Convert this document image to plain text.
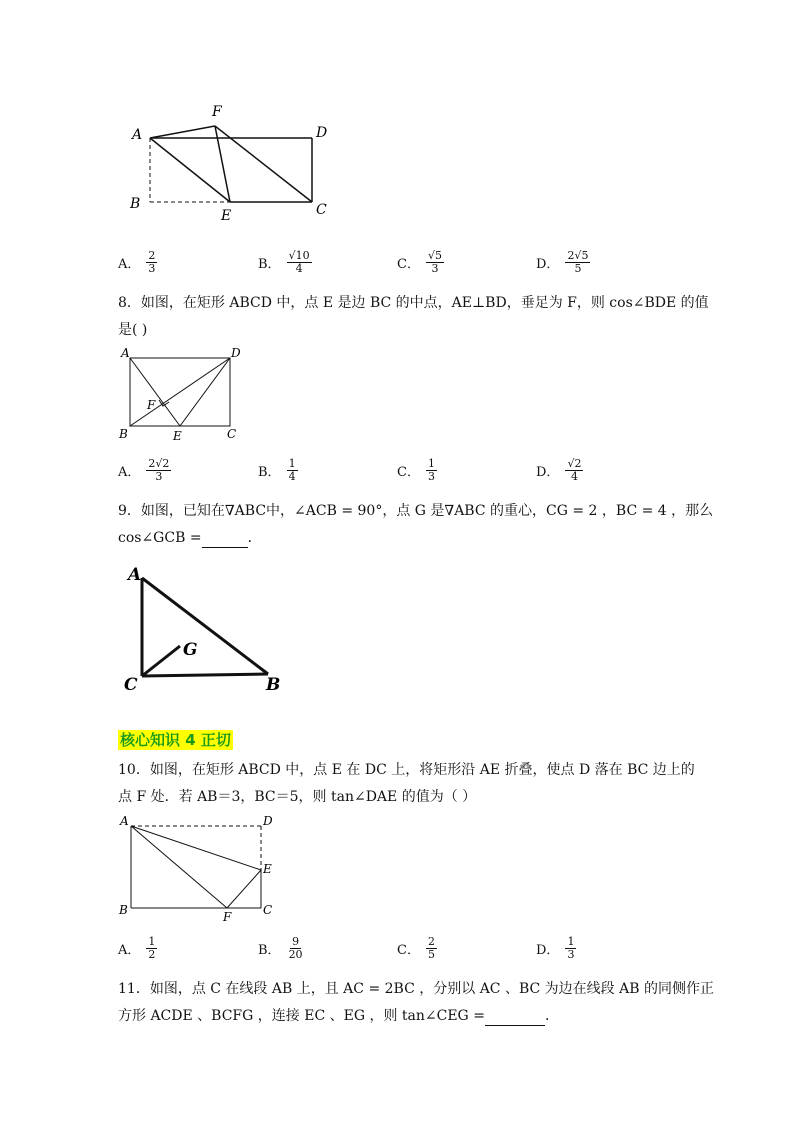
A
F
D
B
E	C
A． $\frac{2}{3}$	B． $\frac{√10}{4}$	C． $\frac{√5}{3}$	D． $\frac{2√5}{5}$
8．如图，在矩形 ABCD 中，点 E 是边 BC 的中点，AE⊥BD，垂足为 F，则 cos∠BDE 的值
是( )
A	D
F
B	E	C
A． $\frac{2√2}{3}$	B． $\frac{1}{4}$	C． $\frac{1}{3}$	D． $\frac{√2}{4}$
9．如图，已知在∇ABC中，∠ACB = 90°，点 G 是∇ABC 的重心，CG = 2 ，BC = 4 ，那么
cos∠GCB =	．
A
G
C	B
核心知识 4 正切
10．如图，在矩形 ABCD 中，点 E 在 DC 上，将矩形沿 AE 折叠，使点 D 落在 BC 边上的
点 F 处．若 AB＝3，BC＝5，则 tan∠DAE 的值为（ ）
A	D
E
B	F	C
A． $\frac{1}{2}$	B． $\frac{9}{20}$	C． $\frac{2}{5}$	D． $\frac{1}{3}$
11．如图，点 C 在线段 AB 上，且 AC = 2BC ，分别以 AC 、BC 为边在线段 AB 的同侧作正
方形 ACDE 、BCFG ，连接 EC 、EG ，则 tan∠CEG =	．
